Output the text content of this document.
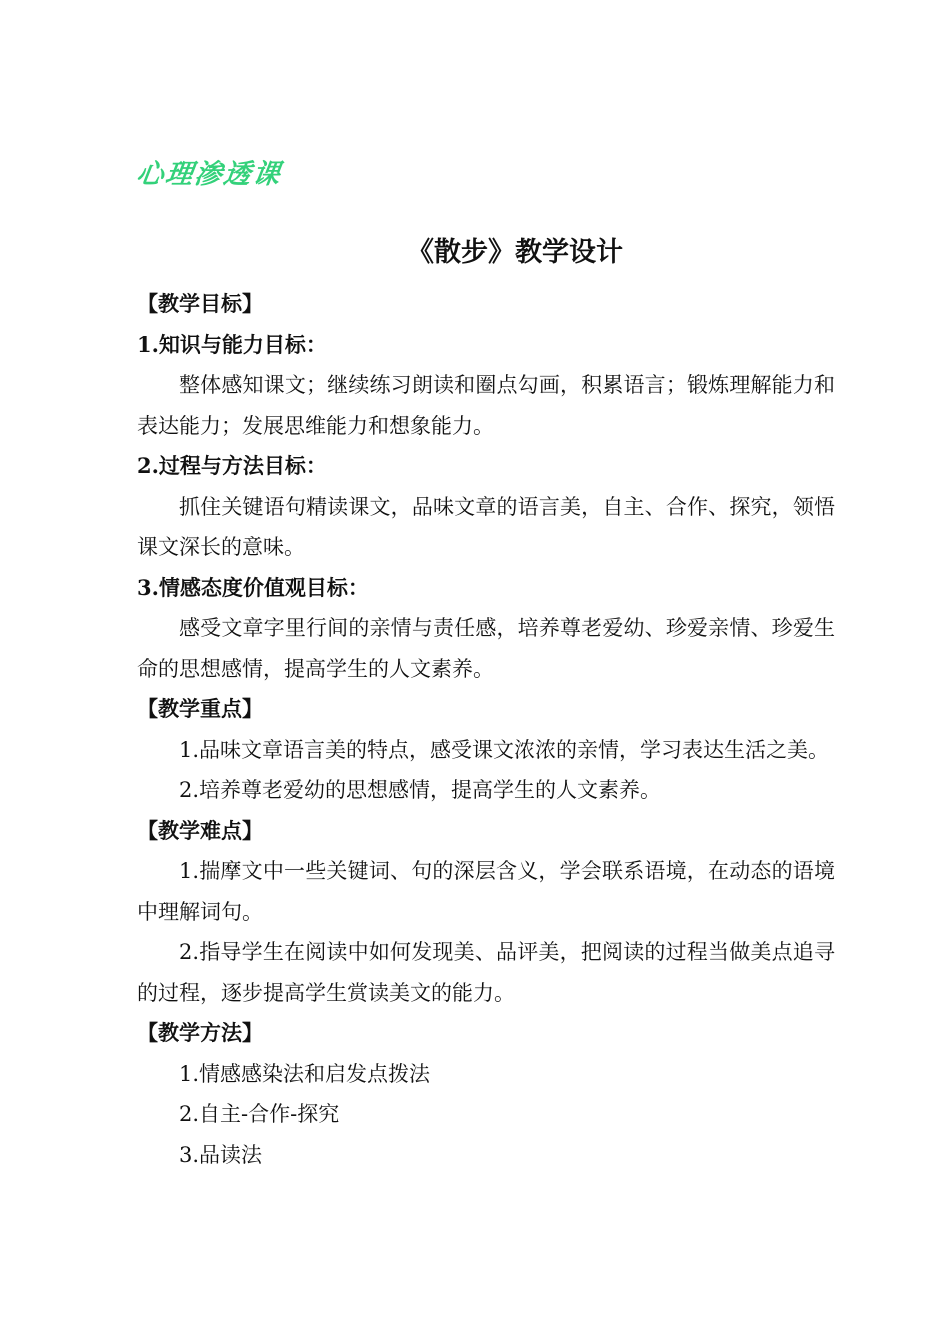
心理渗透课
《散步》教学设计

【教学目标】

1.知识与能力目标：

整体感知课文；继续练习朗读和圈点勾画，积累语言；锻炼理解能力和表达能力；发展思维能力和想象能力。

2.过程与方法目标：

抓住关键语句精读课文，品味文章的语言美，自主、合作、探究，领悟课文深长的意味。

3.情感态度价值观目标：

感受文章字里行间的亲情与责任感，培养尊老爱幼、珍爱亲情、珍爱生命的思想感情，提高学生的人文素养。

【教学重点】

1.品味文章语言美的特点，感受课文浓浓的亲情，学习表达生活之美。

2.培养尊老爱幼的思想感情，提高学生的人文素养。

【教学难点】

1.揣摩文中一些关键词、句的深层含义，学会联系语境，在动态的语境中理解词句。

2.指导学生在阅读中如何发现美、品评美，把阅读的过程当做美点追寻的过程，逐步提高学生赏读美文的能力。

【教学方法】

1.情感感染法和启发点拨法

2.自主-合作-探究

3.品读法
